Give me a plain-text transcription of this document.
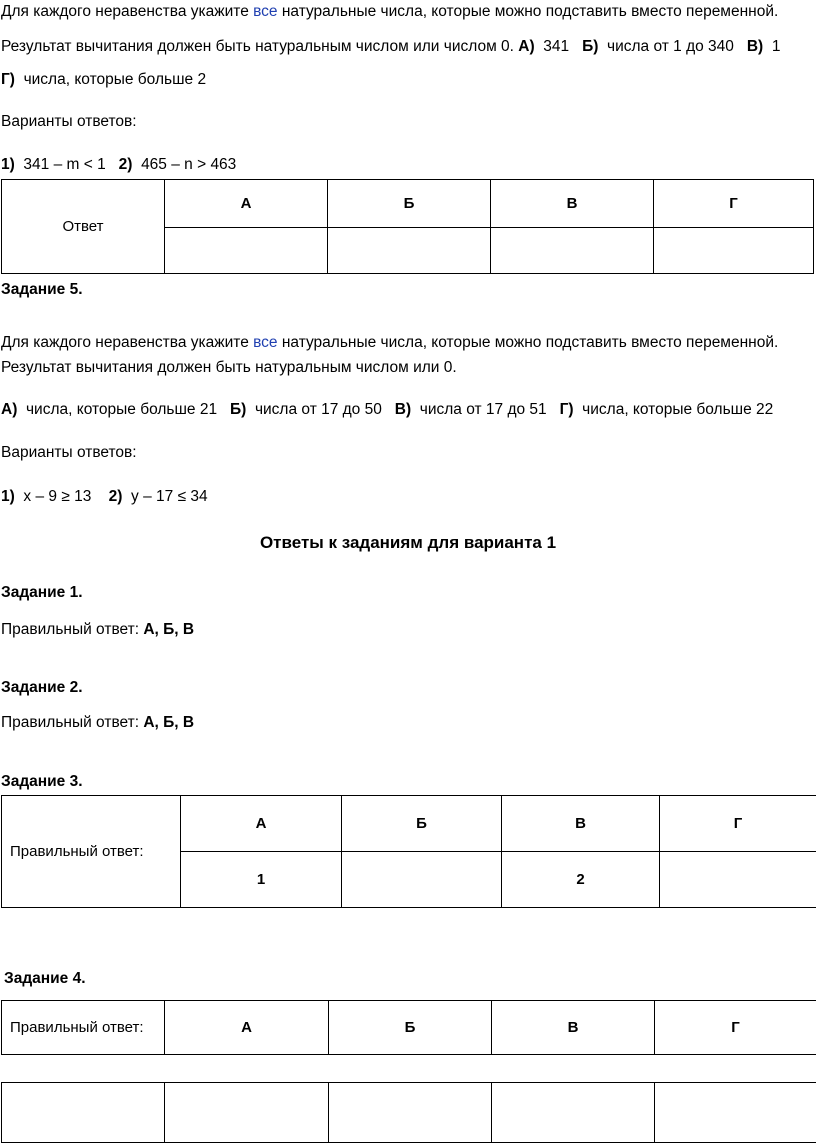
Для каждого неравенства укажите все натуральные числа, которые можно подставить вместо переменной.
Результат вычитания должен быть натуральным числом или числом 0. А) 341 Б) числа от 1 до 340 В) 1
Г) числа, которые больше 2
Варианты ответов:
1) 341 – m < 1 2) 465 – n > 463
Ответ	А	Б	В	Г

Задание 5.
Для каждого неравенства укажите все натуральные числа, которые можно подставить вместо переменной.
Результат вычитания должен быть натуральным числом или 0.
А) числа, которые больше 21 Б) числа от 17 до 50 В) числа от 17 до 51 Г) числа, которые больше 22
Варианты ответов:
1) x – 9 ≥ 13 2) y – 17 ≤ 34
Ответы к заданиям для варианта 1
Задание 1.
Правильный ответ: А, Б, В
Задание 2.
Правильный ответ: А, Б, В
Задание 3.
Правильный ответ:	А	Б	В	Г
	1		2	
Задание 4.
Правильный ответ:	А	Б	В	Г
